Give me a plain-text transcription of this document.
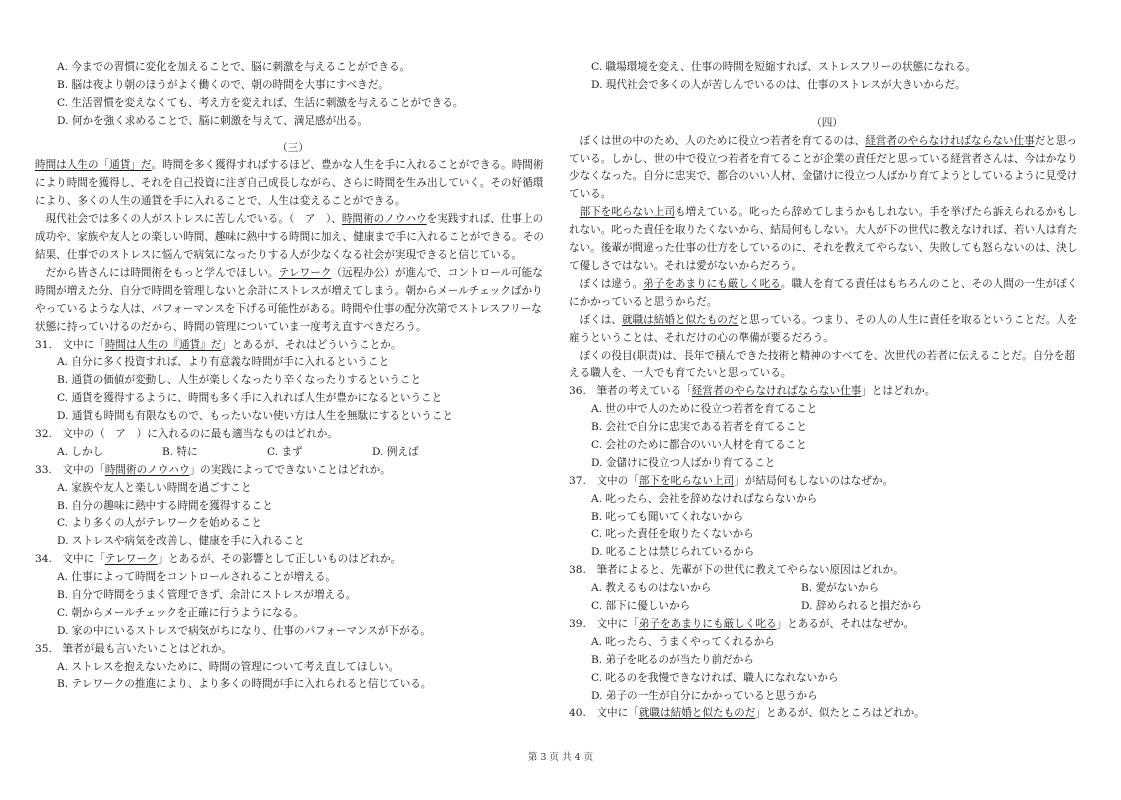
A. 今までの習慣に変化を加えることで、脳に刺激を与えることができる。
B. 脳は夜より朝のほうがよく働くので、朝の時間を大事にすべきだ。
C. 生活習慣を変えなくても、考え方を変えれば、生活に刺激を与えることができる。
D. 何かを強く求めることで、脳に刺激を与えて、満足感が出る。
（三）
時間は人生の「通貨」だ。時間を多く獲得すればするほど、豊かな人生を手に入れることができる。時間術により時間を獲得し、それを自己投資に注ぎ自己成長しながら、さらに時間を生み出していく。その好循環により、多くの人生の通貨を手に入れることで、人生は変えることができる。
現代社会では多くの人がストレスに苦しんでいる。（　ア　）、時間術のノウハウを実践すれば、仕事上の成功や、家族や友人との楽しい時間、趣味に熱中する時間に加え、健康まで手に入れることができる。その結果、仕事でのストレスに悩んで病気になったりする人が少なくなる社会が実現できると信じている。
だから皆さんには時間術をもっと学んでほしい。テレワーク（远程办公）が進んで、コントロール可能な時間が増えた分、自分で時間を管理しないと余計にストレスが増えてしまう。朝からメールチェックばかりやっているような人は、パフォーマンスを下げる可能性がある。時間や仕事の配分次第でストレスフリーな状態に持っていけるのだから、時間の管理についていま一度考え直すべきだろう。
31.　文中に「時間は人生の『通貨』だ」とあるが、それはどういうことか。
A. 自分に多く投資すれば、より有意義な時間が手に入れるということ
B. 通貨の価値が変動し、人生が楽しくなったり辛くなったりするということ
C. 通貨を獲得するように、時間も多く手に入れれば人生が豊かになるということ
D. 通貨も時間も有限なもので、もったいない使い方は人生を無駄にするということ
32.　文中の（　ア　）に入れるのに最も適当なものはどれか。
A. しかし	B. 特に	C. まず	D. 例えば
33.　文中の「時間術のノウハウ」の実践によってできないことはどれか。
A. 家族や友人と楽しい時間を過ごすこと
B. 自分の趣味に熱中する時間を獲得すること
C. より多くの人がテレワークを始めること
D. ストレスや病気を改善し、健康を手に入れること
34.　文中に「テレワーク」とあるが、その影響として正しいものはどれか。
A. 仕事によって時間をコントロールされることが増える。
B. 自分で時間をうまく管理できず、余計にストレスが増える。
C. 朝からメールチェックを正確に行うようになる。
D. 家の中にいるストレスで病気がちになり、仕事のパフォーマンスが下がる。
35.　筆者が最も言いたいことはどれか。
A. ストレスを抱えないために、時間の管理について考え直してほしい。
B. テレワークの推進により、より多くの時間が手に入れられると信じている。
C. 職場環境を変え、仕事の時間を短縮すれば、ストレスフリーの状態になれる。
D. 現代社会で多くの人が苦しんでいるのは、仕事のストレスが大きいからだ。
（四）
ぼくは世の中のため、人のために役立つ若者を育てるのは、経営者のやらなければならない仕事だと思っている。しかし、世の中で役立つ若者を育てることが企業の責任だと思っている経営者さんは、今はかなり少なくなった。自分に忠実で、都合のいい人材、金儲けに役立つ人ばかり育てようとしているように見受けている。
部下を叱らない上司も増えている。叱ったら辞めてしまうかもしれない。手を挙げたら訴えられるかもしれない。叱った責任を取りたくないから、結局何もしない。大人が下の世代に教えなければ、若い人は育たない。後輩が間違った仕事の仕方をしているのに、それを教えてやらない、失敗しても怒らないのは、決して優しさではない。それは愛がないからだろう。
ぼくは違う。弟子をあまりにも厳しく叱る。職人を育てる責任はもちろんのこと、その人間の一生がぼくにかかっていると思うからだ。
ぼくは、就職は結婚と似たものだと思っている。つまり、その人の人生に責任を取るということだ。人を雇うということは、それだけの心の準備が要るだろう。
ぼくの役目(职责)は、長年で積んできた技術と精神のすべてを、次世代の若者に伝えることだ。自分を超える職人を、一人でも育てたいと思っている。
36.　筆者の考えている「経営者のやらなければならない仕事」とはどれか。
A. 世の中で人のために役立つ若者を育てること
B. 会社で自分に忠実である若者を育てること
C. 会社のために都合のいい人材を育てること
D. 金儲けに役立つ人ばかり育てること
37.　文中の「部下を叱らない上司」が結局何もしないのはなぜか。
A. 叱ったら、会社を辞めなければならないから
B. 叱っても聞いてくれないから
C. 叱った責任を取りたくないから
D. 叱ることは禁じられているから
38.　筆者によると、先輩が下の世代に教えてやらない原因はどれか。
A. 教えるものはないから	B. 愛がないから
C. 部下に優しいから	D. 辞められると損だから
39.　文中に「弟子をあまりにも厳しく叱る」とあるが、それはなぜか。
A. 叱ったら、うまくやってくれるから
B. 弟子を叱るのが当たり前だから
C. 叱るのを我慢できなければ、職人になれないから
D. 弟子の一生が自分にかかっていると思うから
40.　文中に「就職は結婚と似たものだ」とあるが、似たところはどれか。
第 3 页 共 4 页
